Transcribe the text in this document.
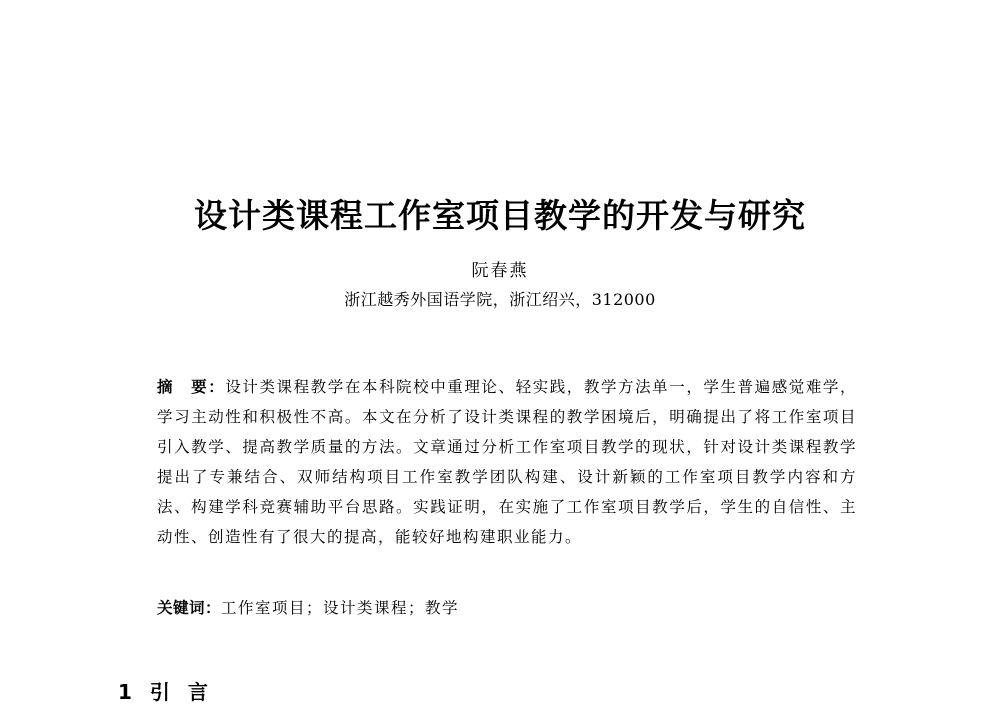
设计类课程工作室项目教学的开发与研究
阮春燕
浙江越秀外国语学院，浙江绍兴，312000
摘　要：设计类课程教学在本科院校中重理论、轻实践，教学方法单一，学生普遍感觉难学，学习主动性和积极性不高。本文在分析了设计类课程的教学困境后，明确提出了将工作室项目引入教学、提高教学质量的方法。文章通过分析工作室项目教学的现状，针对设计类课程教学提出了专兼结合、双师结构项目工作室教学团队构建、设计新颖的工作室项目教学内容和方法、构建学科竞赛辅助平台思路。实践证明，在实施了工作室项目教学后，学生的自信性、主动性、创造性有了很大的提高，能较好地构建职业能力。
关键词：工作室项目；设计类课程；教学
1 引言
